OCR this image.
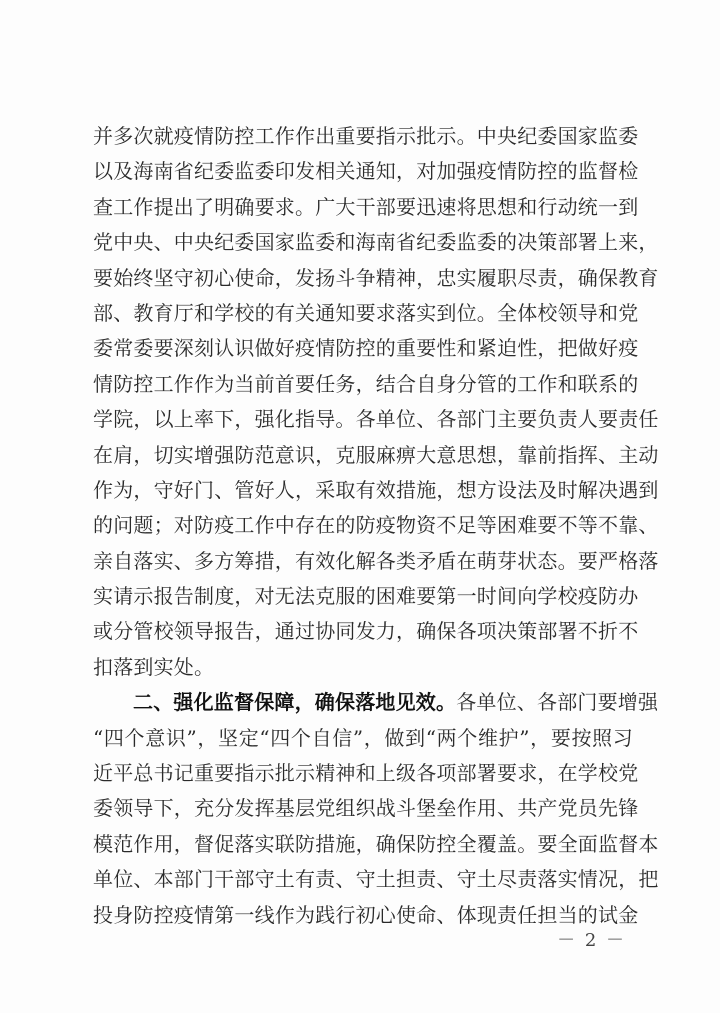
并多次就疫情防控工作作出重要指示批示。中央纪委国家监委
以及海南省纪委监委印发相关通知，对加强疫情防控的监督检
查工作提出了明确要求。广大干部要迅速将思想和行动统一到
党中央、中央纪委国家监委和海南省纪委监委的决策部署上来，
要始终坚守初心使命，发扬斗争精神，忠实履职尽责，确保教育
部、教育厅和学校的有关通知要求落实到位。全体校领导和党
委常委要深刻认识做好疫情防控的重要性和紧迫性，把做好疫
情防控工作作为当前首要任务，结合自身分管的工作和联系的
学院，以上率下，强化指导。各单位、各部门主要负责人要责任
在肩，切实增强防范意识，克服麻痹大意思想，靠前指挥、主动
作为，守好门、管好人，采取有效措施，想方设法及时解决遇到
的问题；对防疫工作中存在的防疫物资不足等困难要不等不靠、
亲自落实、多方筹措，有效化解各类矛盾在萌芽状态。要严格落
实请示报告制度，对无法克服的困难要第一时间向学校疫防办
或分管校领导报告，通过协同发力，确保各项决策部署不折不
扣落到实处。
二、强化监督保障，确保落地见效。各单位、各部门要增强
“四个意识”，坚定“四个自信”，做到“两个维护”，要按照习
近平总书记重要指示批示精神和上级各项部署要求，在学校党
委领导下，充分发挥基层党组织战斗堡垒作用、共产党员先锋
模范作用，督促落实联防措施，确保防控全覆盖。要全面监督本
单位、本部门干部守土有责、守土担责、守土尽责落实情况，把
投身防控疫情第一线作为践行初心使命、体现责任担当的试金
－ 2 －
